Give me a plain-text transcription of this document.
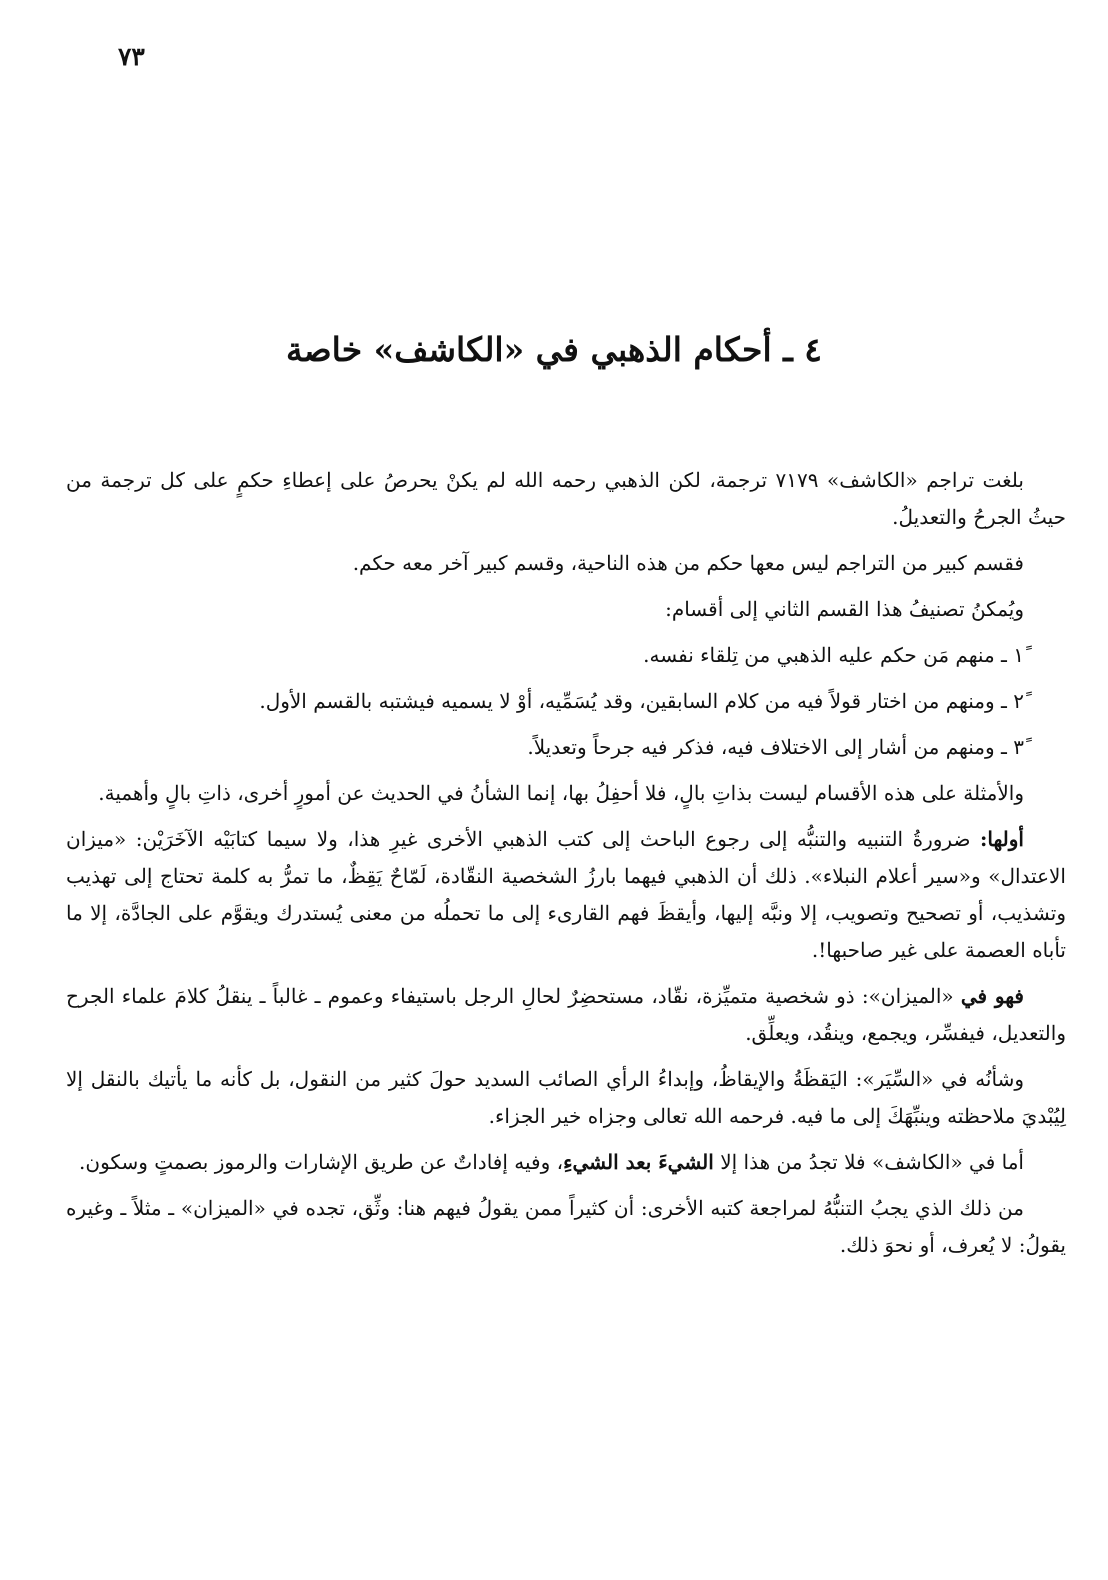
٧٣
٤ ـ أحكام الذهبي في «الكاشف» خاصة

بلغت تراجم «الكاشف» ٧١٧٩ ترجمة، لكن الذهبي رحمه الله لم يكنْ يحرصُ على إعطاءِ حكمٍ على كل ترجمة من حيثُ الجرحُ والتعديلُ.

فقسم كبير من التراجم ليس معها حكم من هذه الناحية، وقسم كبير آخر معه حكم.

ويُمكنُ تصنيفُ هذا القسم الثاني إلى أقسام:

١ً ـ منهم مَن حكم عليه الذهبي من تِلقاء نفسه.

٢ً ـ ومنهم من اختار قولاً فيه من كلام السابقين، وقد يُسَمِّيه، أوْ لا يسميه فيشتبه بالقسم الأول.

٣ً ـ ومنهم من أشار إلى الاختلاف فيه، فذكر فيه جرحاً وتعديلاً.

والأمثلة على هذه الأقسام ليست بذاتِ بالٍ، فلا أحفِلُ بها، إنما الشأنُ في الحديث عن أمورٍ أخرى، ذاتِ بالٍ وأهمية.

أولها: ضرورةُ التنبيه والتنبُّه إلى رجوع الباحث إلى كتب الذهبي الأخرى غيرِ هذا، ولا سيما كتابَيْه الآخَرَيْن: «ميزان الاعتدال» و«سير أعلام النبلاء». ذلك أن الذهبي فيهما بارزُ الشخصية النقّادة، لَمّاحٌ يَقِظٌ، ما تمرُّ به كلمة تحتاج إلى تهذيب وتشذيب، أو تصحيح وتصويب، إلا ونبَّه إليها، وأيقظَ فهم القارىء إلى ما تحملُه من معنى يُستدرك ويقوَّم على الجادَّة، إلا ما تأباه العصمة على غير صاحبها!.

فهو في «الميزان»: ذو شخصية متميِّزة، نقّاد، مستحضِرٌ لحالِ الرجل باستيفاء وعموم ـ غالباً ـ ينقلُ كلامَ علماء الجرح والتعديل، فيفسِّر، ويجمع، وينقُد، ويعلِّق.

وشأنُه في «السِّيَر»: اليَقظَةُ والإيقاظُ، وإبداءُ الرأي الصائب السديد حولَ كثير من النقول، بل كأنه ما يأتيك بالنقل إلا لِيُبْديَ ملاحظته وينبِّهَكَ إلى ما فيه. فرحمه الله تعالى وجزاه خير الجزاء.

أما في «الكاشف» فلا تجدُ من هذا إلا الشيءَ بعد الشيءِ، وفيه إفاداتٌ عن طريق الإشارات والرموز بصمتٍ وسكون.

من ذلك الذي يجبُ التنبُّهُ لمراجعة كتبه الأخرى: أن كثيراً ممن يقولُ فيهم هنا: وثِّق، تجده في «الميزان» ـ مثلاً ـ وغيره يقولُ: لا يُعرف، أو نحوَ ذلك.
